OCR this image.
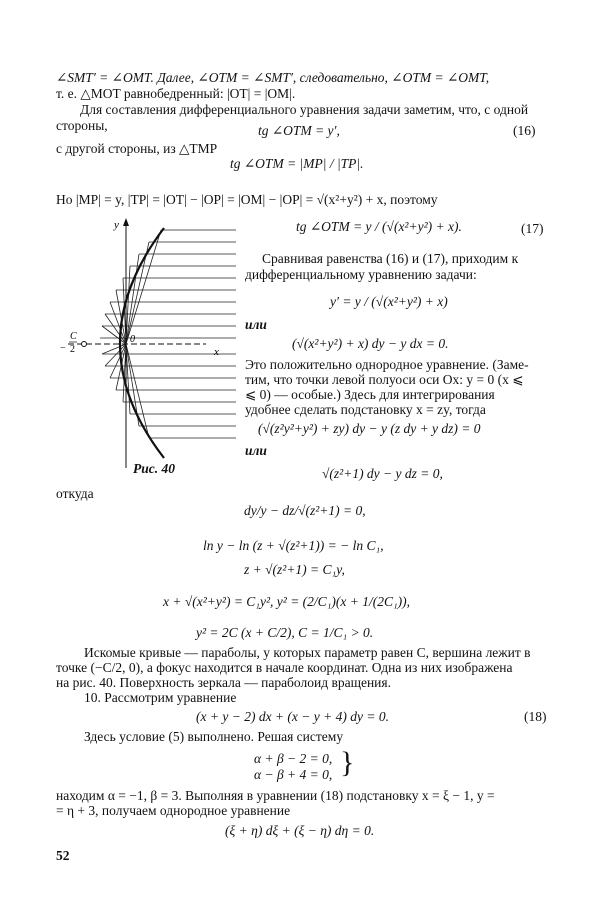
∠SMT′ = ∠OMT. Далее, ∠OTM = ∠SMT′, следовательно, ∠OTM = ∠OMT,
т. е. △MOT равнобедренный: |OT| = |OM|.
Для составления дифференциального уравнения задачи заметим, что, с одной
стороны,	tg ∠OTM = y′,	(16)
с другой стороны, из △TMP
tg ∠OTM = |MP| / |TP|.
Но |MP| = y, |TP| = |OT| − |OP| = |OM| − |OP| = √(x²+y²) + x, поэтому
tg ∠OTM = y / (√(x²+y²) + x).	(17)
y
x
0
−
C
2
Рис. 40
Сравнивая равенства (16) и (17), приходим к
дифференциальному уравнению задачи:
y′ = y / (√(x²+y²) + x)
или
(√(x²+y²) + x) dy − y dx = 0.
Это положительно однородное уравнение. (Заме-
тим, что точки левой полуоси оси Ox: y = 0 (x ⩽
⩽ 0) — особые.) Здесь для интегрирования
удобнее сделать подстановку x = zy, тогда
(√(z²y²+y²) + zy) dy − y (z dy + y dz) = 0
или
√(z²+1) dy − y dz = 0,
откуда
dy/y − dz/√(z²+1) = 0,
ln y − ln (z + √(z²+1)) = − ln C₁,
z + √(z²+1) = C₁y,
x + √(x²+y²) = C₁y², y² = (2/C₁)(x + 1/(2C₁)),
y² = 2C (x + C/2), C = 1/C₁ > 0.
Искомые кривые — параболы, у которых параметр равен C, вершина лежит в
точке (−C/2, 0), а фокус находится в начале координат. Одна из них изображена
на рис. 40. Поверхность зеркала — параболоид вращения.
10. Рассмотрим уравнение
(x + y − 2) dx + (x − y + 4) dy = 0.	(18)
Здесь условие (5) выполнено. Решая систему
α + β − 2 = 0,
α − β + 4 = 0, }
находим α = −1, β = 3. Выполняя в уравнении (18) подстановку x = ξ − 1, y =
= η + 3, получаем однородное уравнение
(ξ + η) dξ + (ξ − η) dη = 0.
52
